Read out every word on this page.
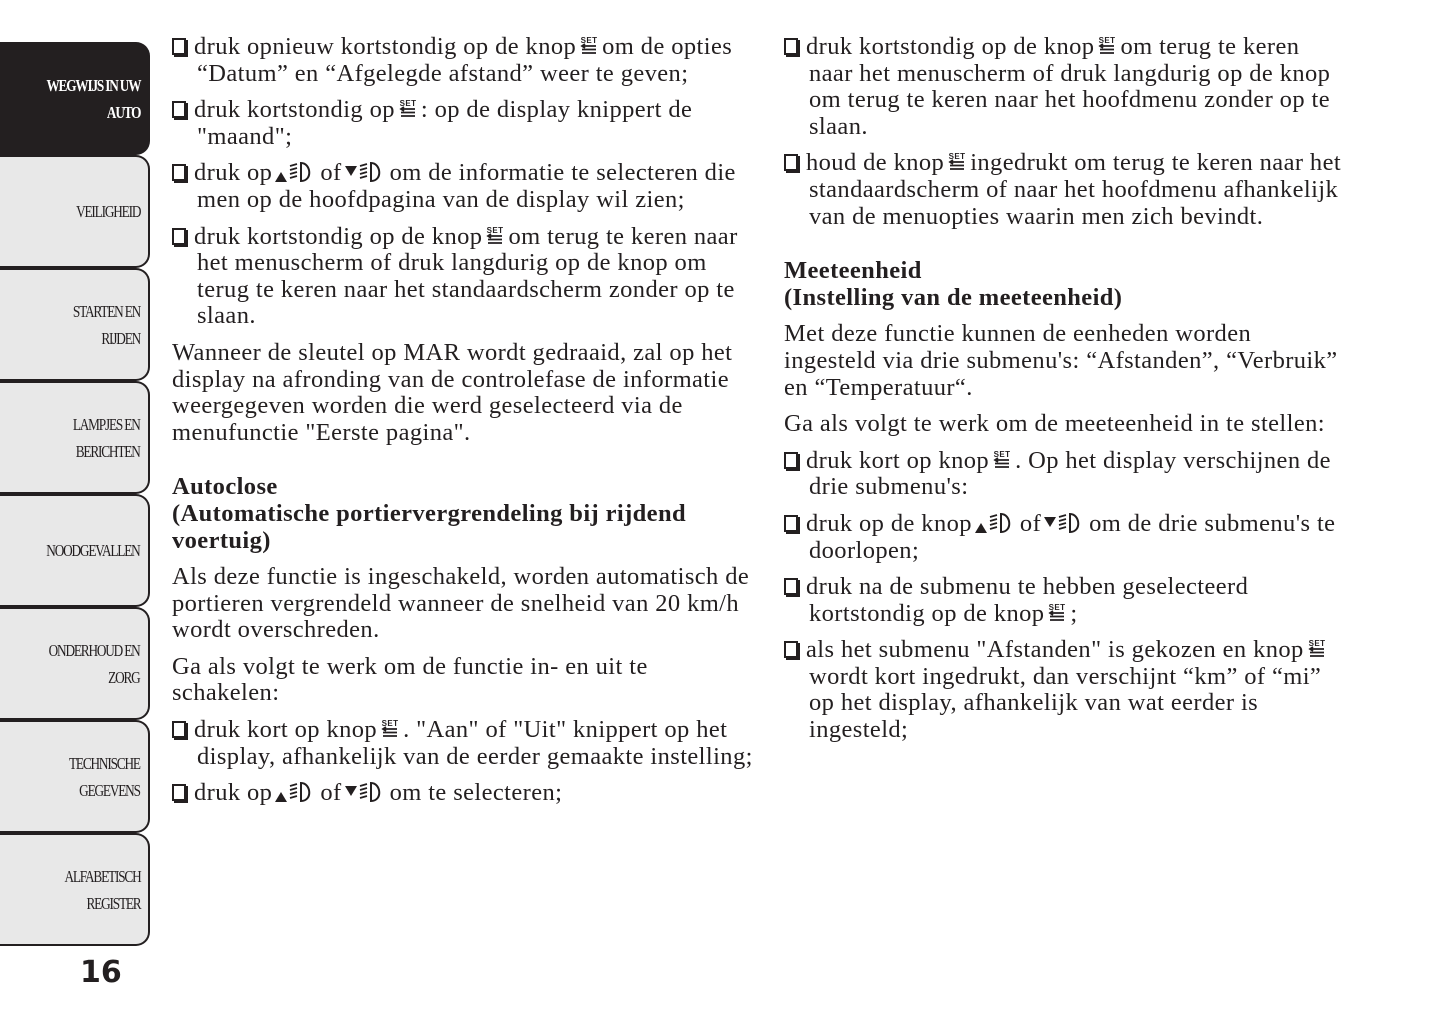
WEGWIJS IN UW
AUTO
VEILIGHEID
STARTEN EN
RIJDEN
LAMPJES EN
BERICHTEN
NOODGEVALLEN
ONDERHOUD EN
ZORG
TECHNISCHE
GEGEVENS
ALFABETISCH
REGISTER
16
druk opnieuw kortstondig op de knop SET om de opties “Datum” en “Afgelegde afstand” weer te geven;
druk kortstondig op SET : op de display knippert de "maand";
druk op of om de informatie te selecteren die men op de hoofdpagina van de display wil zien;
druk kortstondig op de knop SET om terug te keren naar het menuscherm of druk langdurig op de knop om terug te keren naar het standaardscherm zonder op te slaan.
Wanneer de sleutel op MAR wordt gedraaid, zal op het display na afronding van de controlefase de informatie weergegeven worden die werd geselecteerd via de menufunctie "Eerste pagina".
Autoclose
(Automatische portiervergrendeling bij rijdend voertuig)
Als deze functie is ingeschakeld, worden automatisch de portieren vergrendeld wanneer de snelheid van 20 km/h wordt overschreden.
Ga als volgt te werk om de functie in- en uit te schakelen:
druk kort op knop SET . "Aan" of "Uit" knippert op het display, afhankelijk van de eerder gemaakte instelling;
druk op of om te selecteren;
druk kortstondig op de knop SET om terug te keren naar het menuscherm of druk langdurig op de knop om terug te keren naar het hoofdmenu zonder op te slaan.
houd de knop SET ingedrukt om terug te keren naar het standaardscherm of naar het hoofdmenu afhankelijk van de menuopties waarin men zich bevindt.
Meeteenheid
(Instelling van de meeteenheid)
Met deze functie kunnen de eenheden worden ingesteld via drie submenu's: “Afstanden”, “Verbruik” en “Temperatuur“.
Ga als volgt te werk om de meeteenheid in te stellen:
druk kort op knop SET . Op het display verschijnen de drie submenu's:
druk op de knop of om de drie submenu's te doorlopen;
druk na de submenu te hebben geselecteerd kortstondig op de knop SET ;
als het submenu "Afstanden" is gekozen en knop SET
wordt kort ingedrukt, dan verschijnt “km” of “mi” op het display, afhankelijk van wat eerder is ingesteld;
